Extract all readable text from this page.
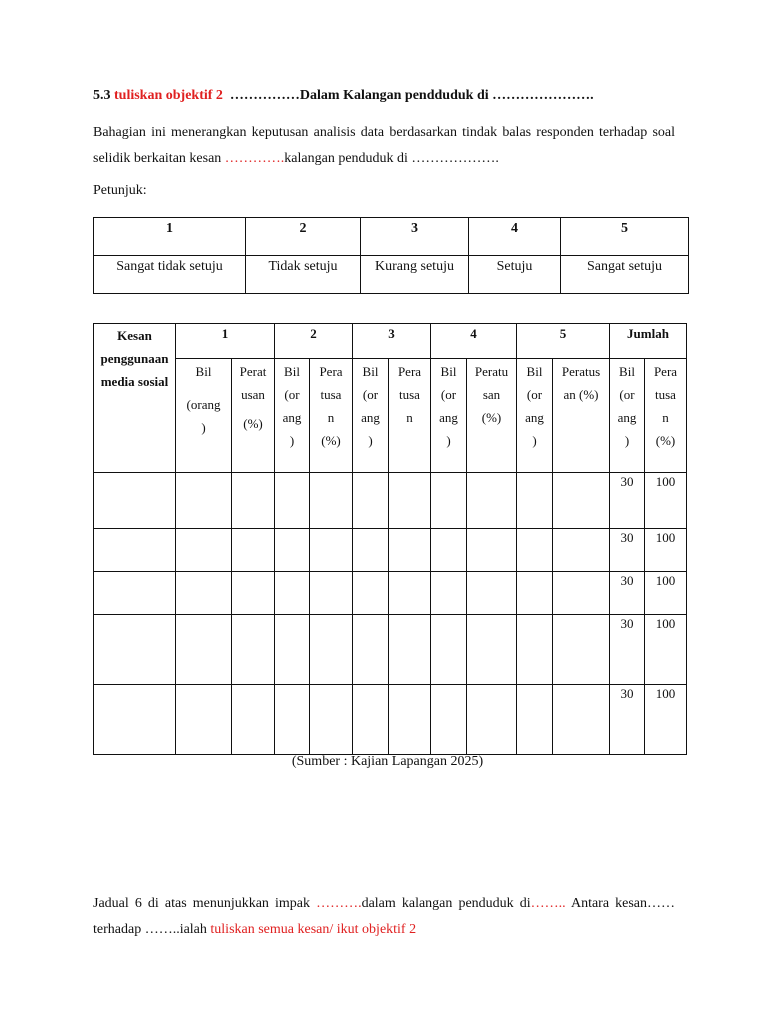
5.3 tuliskan objektif 2 ……………Dalam Kalangan pendduduk di ………………….
Bahagian ini menerangkan keputusan analisis data berdasarkan tindak balas responden terhadap soal selidik berkaitan kesan ………….kalangan penduduk di ……………….
Petunjuk:
1	2	3	4	5
Sangat tidak setuju	Tidak setuju	Kurang setuju	Setuju	Sangat setuju
Kesan penggunaan media sosial	1		2		3		4		5		Jumlah	

	Bil
(orang
)	Perat
usan
(%)	Bil
(or
ang
)	Pera
tusa
n
(%)	Bil
(or
ang
)	Pera
tusa
n	Bil
(or
ang
)	Peratu
san
(%)	Bil
(or
ang
)	Peratus
an (%)	Bil
(or
ang
)	Pera
tusa
n
(%)

											30	100
											30	100
											30	100
											30	100
											30	100
(Sumber : Kajian Lapangan 2025)
Jadual 6 di atas menunjukkan impak ……….dalam kalangan penduduk di…….. Antara kesan…… terhadap ……..ialah tuliskan semua kesan/ ikut objektif 2
